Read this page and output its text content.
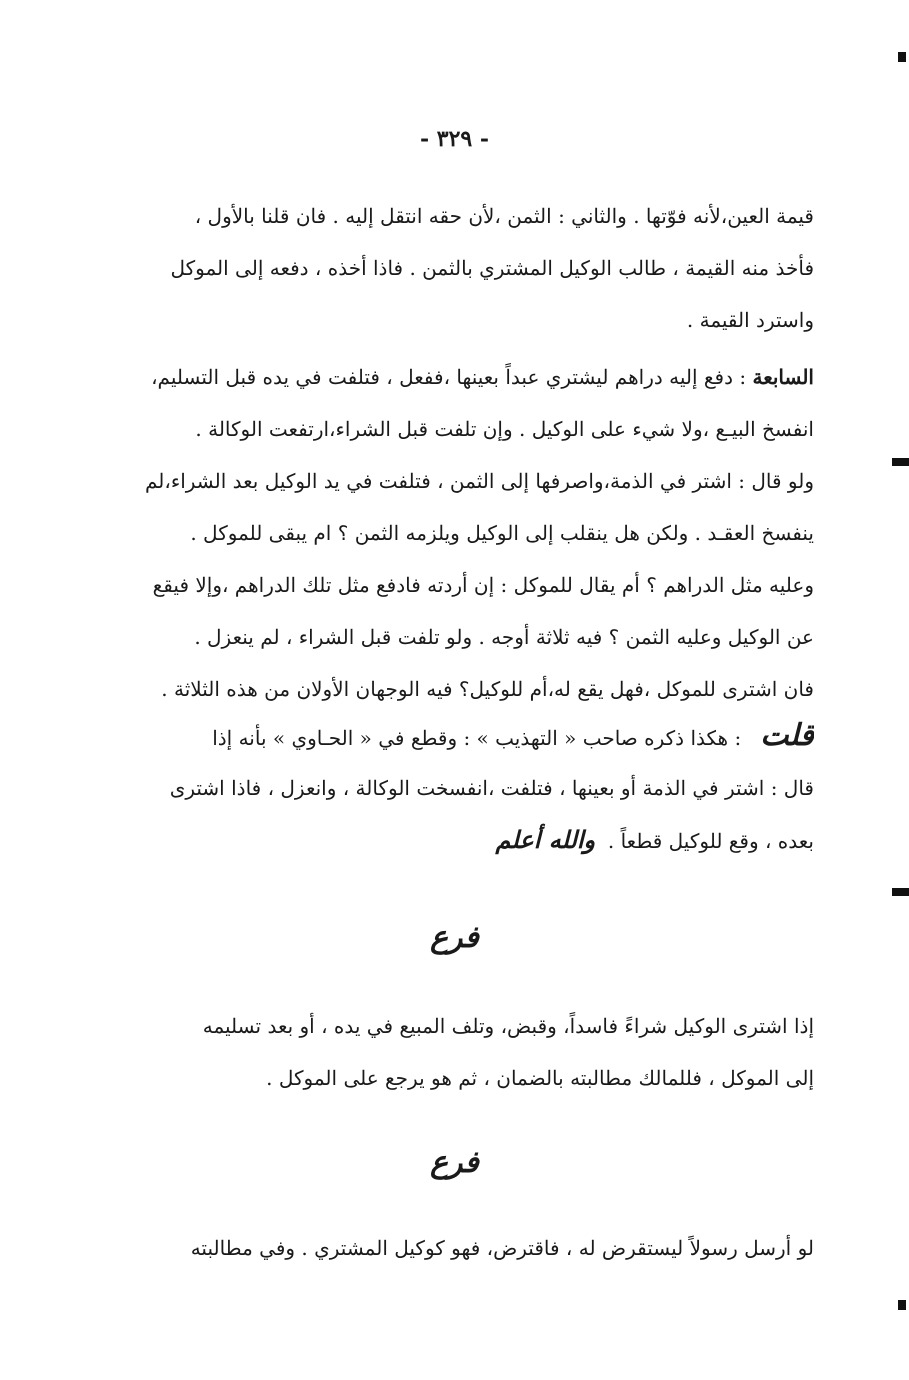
- ٣٢٩ -
قيمة العين،لأنه فوّتها . والثاني : الثمن ،لأن حقه انتقل إليه . فان قلنا بالأول ،
فأخذ منه القيمة ، طالب الوكيل المشتري بالثمن . فاذا أخذه ، دفعه إلى الموكل
واسترد القيمة .
السابعة : دفع إليه دراهم ليشتري عبداً بعينها ،ففعل ، فتلفت في يده قبل التسليم،
انفسخ البيـع ،ولا شيء على الوكيل . وإن تلفت قبل الشراء،ارتفعت الوكالة .
ولو قال : اشتر في الذمة،واصرفها إلى الثمن ، فتلفت في يد الوكيل بعد الشراء،لم
ينفسخ العقـد . ولكن هل ينقلب إلى الوكيل ويلزمه الثمن ؟ ام يبقى للموكل .
وعليه مثل الدراهم ؟ أم يقال للموكل : إن أردته فادفع مثل تلك الدراهم ،وإلا فيقع
عن الوكيل وعليه الثمن ؟ فيه ثلاثة أوجه . ولو تلفت قبل الشراء ، لم ينعزل .
فان اشترى للموكل ،فهل يقع له،أم للوكيل؟ فيه الوجهان الأولان من هذه الثلاثة .
قلت   : هكذا ذكره صاحب « التهذيب » : وقطع في « الحـاوي » بأنه إذا
قال : اشتر في الذمة أو بعينها ، فتلفت ،انفسخت الوكالة ، وانعزل ، فاذا اشترى
بعده ، وقع للوكيل قطعاً .  والله أعلم
فرع
إذا اشترى الوكيل شراءً فاسداً، وقبض، وتلف المبيع في يده ، أو بعد تسليمه
إلى الموكل ، فللمالك مطالبته بالضمان ، ثم هو يرجع على الموكل .
فرع
لو أرسل رسولاً ليستقرض له ، فاقترض، فهو كوكيل المشتري . وفي مطالبته
